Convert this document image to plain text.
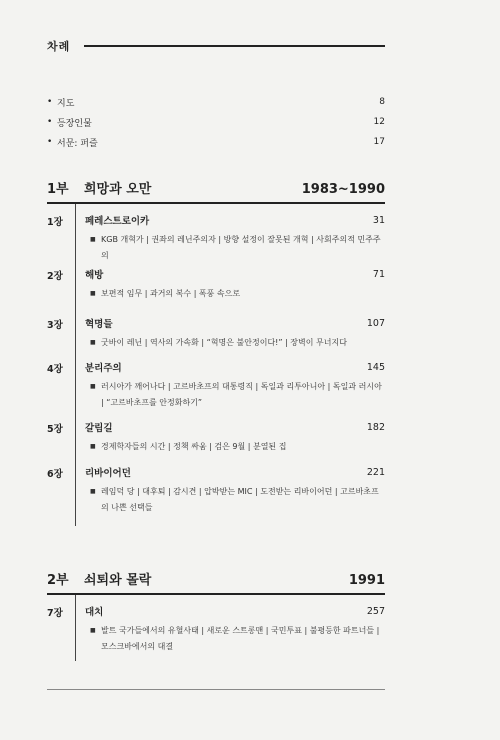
차례
• 지도	8
• 등장인물	12
• 서문: 퍼즐	17
1부	희망과 오만	1983~1990
1장	페레스트로이카	31
■ KGB 개혁가 | 권좌의 레닌주의자 | 방향 설정이 잘못된 개혁 | 사회주의적 민주주의
2장	해방	71
■ 보편적 임무 | 과거의 복수 | 폭풍 속으로
3장	혁명들	107
■ 굿바이 레닌 | 역사의 가속화 | “혁명은 불안정이다!” | 장벽이 무너지다
4장	분리주의	145
■ 러시아가 깨어나다 | 고르바초프의 대통령직 | 독일과 리투아니아 | 독일과 러시아 | “고르바초프를 안정화하기”
5장	갈림길	182
■ 경제학자들의 시간 | 정책 싸움 | 검은 9월 | 분열된 집
6장	리바이어던	221
■ 레임덕 당 | 대후퇴 | 감시견 | 압박받는 MIC | 도전받는 리바이어던 | 고르바초프의 나쁜 선택들
2부	쇠퇴와 몰락	1991
7장	대치	257
■ 발트 국가들에서의 유혈사태 | 새로운 스트롱맨 | 국민투표 | 불평등한 파트너들 | 모스크바에서의 대결
